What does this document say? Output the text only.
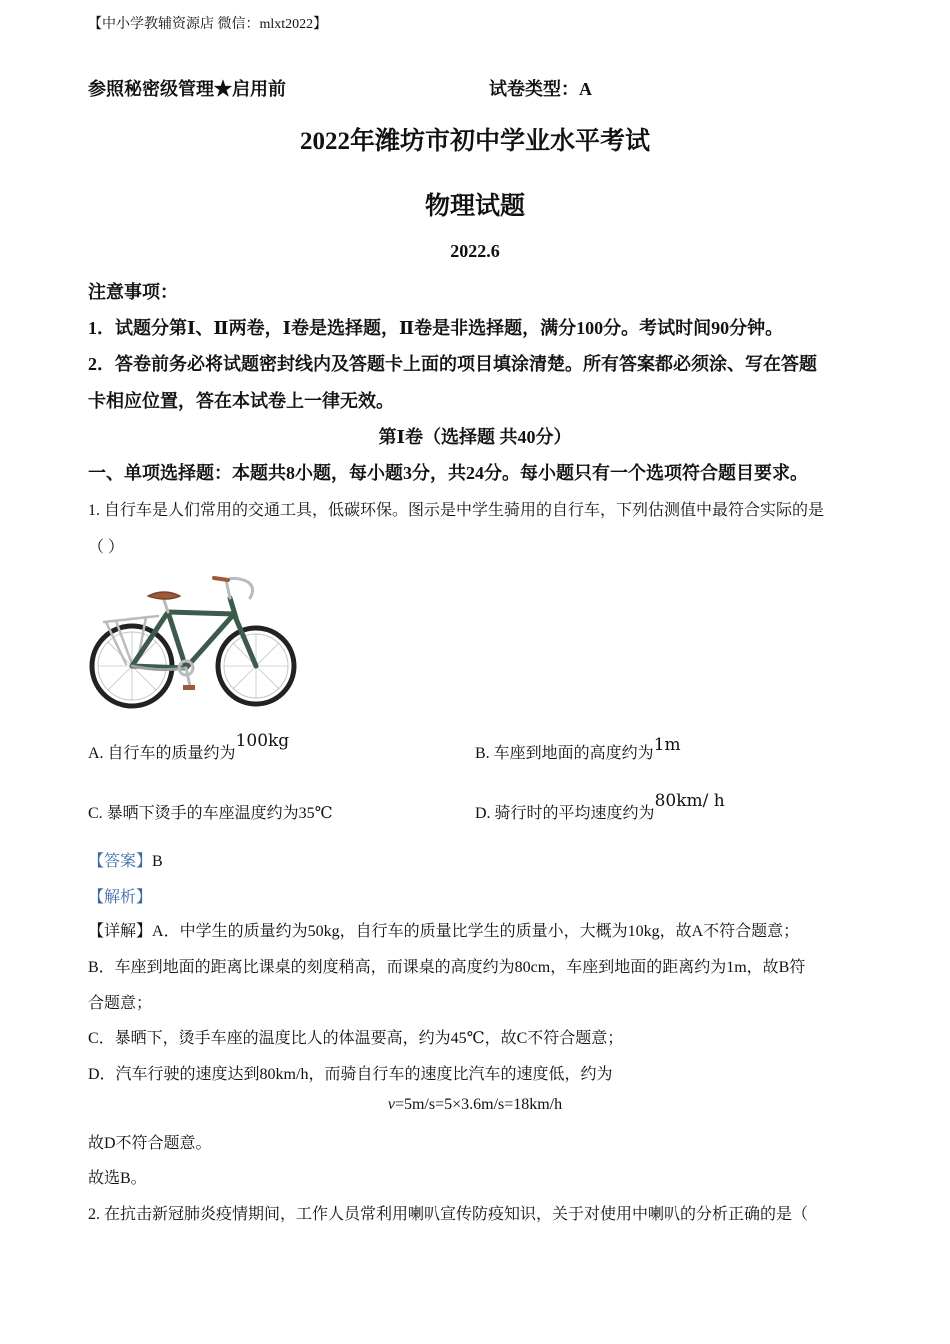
【中小学教辅资源店 微信：mlxt2022】
参照秘密级管理★启用前	试卷类型：A
2022年潍坊市初中学业水平考试
物理试题
2022.6
注意事项：
1．试题分第Ⅰ、Ⅱ两卷，Ⅰ卷是选择题，Ⅱ卷是非选择题，满分100分。考试时间90分钟。
2．答卷前务必将试题密封线内及答题卡上面的项目填涂清楚。所有答案都必须涂、写在答题
卡相应位置，答在本试卷上一律无效。
第Ⅰ卷（选择题 共40分）
一、单项选择题：本题共8小题，每小题3分，共24分。每小题只有一个选项符合题目要求。
1. 自行车是人们常用的交通工具，低碳环保。图示是中学生骑用的自行车，下列估测值中最符合实际的是
（ ）
A. 自行车的质量约为100kg
B. 车座到地面的高度约为1m
C. 暴晒下烫手的车座温度约为35℃	D. 骑行时的平均速度约为80km/ h
【答案】B
【解析】
【详解】A．中学生的质量约为50kg，自行车的质量比学生的质量小，大概为10kg，故A不符合题意；
B．车座到地面的距离比课桌的刻度稍高，而课桌的高度约为80cm，车座到地面的距离约为1m，故B符
合题意；
C．暴晒下，烫手车座的温度比人的体温要高，约为45℃，故C不符合题意；
D．汽车行驶的速度达到80km/h，而骑自行车的速度比汽车的速度低，约为
v=5m/s=5×3.6m/s=18km/h
故D不符合题意。
故选B。
2. 在抗击新冠肺炎疫情期间，工作人员常利用喇叭宣传防疫知识，关于对使用中喇叭的分析正确的是（
